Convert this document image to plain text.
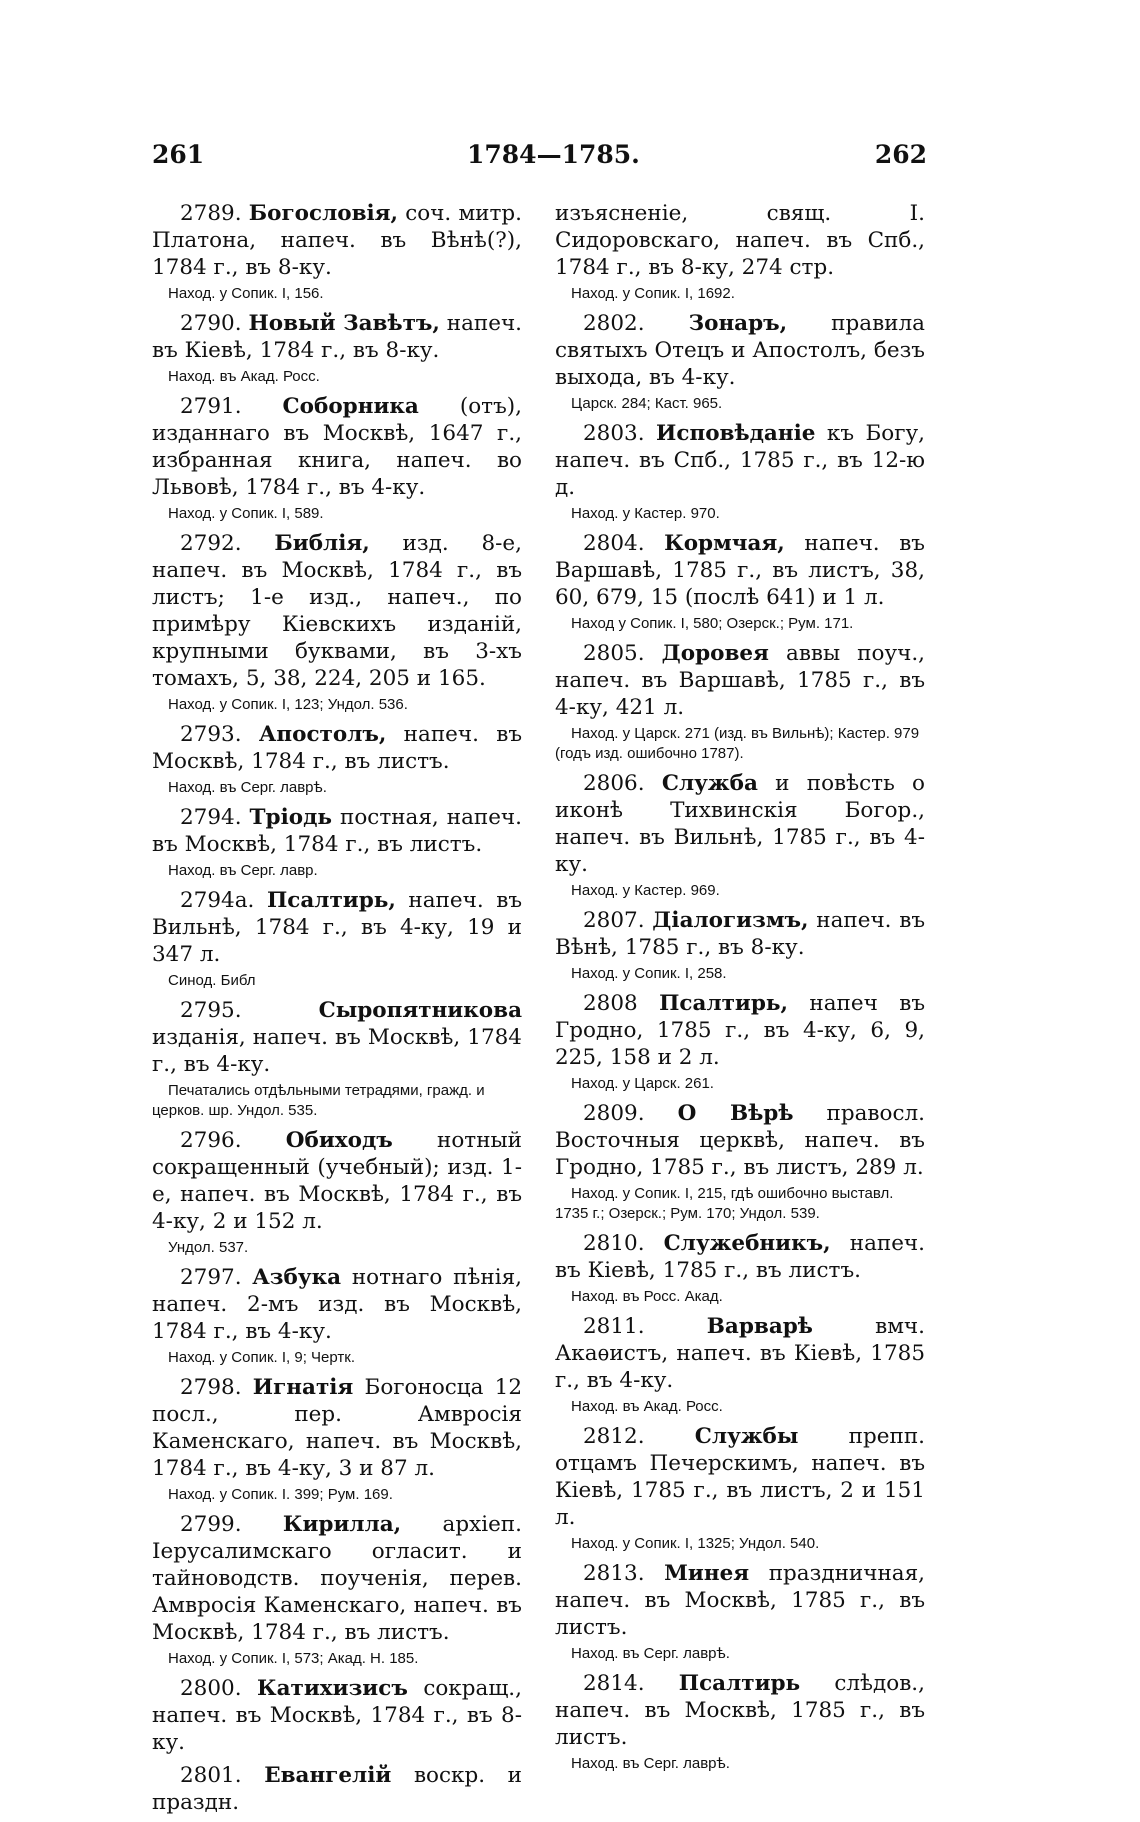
261	1784—1785.	262
2789. Богословія, соч. митр. Платона, напеч. въ Вѣнѣ(?), 1784 г., въ 8-ку.
Наход. у Сопик. I, 156.
2790. Новый Завѣтъ, напеч. въ Кіевѣ, 1784 г., въ 8-ку.
Наход. въ Акад. Росс.
2791. Соборника (отъ), изданнаго въ Москвѣ, 1647 г., избранная книга, напеч. во Львовѣ, 1784 г., въ 4-ку.
Наход. у Сопик. I, 589.
2792. Библія, изд. 8-е, напеч. въ Москвѣ, 1784 г., въ листъ; 1-е изд., напеч., по примѣру Кіевскихъ изданій, крупными буквами, въ 3-хъ томахъ, 5, 38, 224, 205 и 165.
Наход. у Сопик. I, 123; Ундол. 536.
2793. Апостолъ, напеч. въ Москвѣ, 1784 г., въ листъ.
Наход. въ Серг. лаврѣ.
2794. Тріодь постная, напеч. въ Москвѣ, 1784 г., въ листъ.
Наход. въ Серг. лавр.
2794а. Псалтирь, напеч. въ Вильнѣ, 1784 г., въ 4-ку, 19 и 347 л.
Синод. Библ
2795.	Сыропятникова изданія, напеч. въ Москвѣ, 1784 г., въ 4-ку.
Печатались отдѣльными тетрадями, гражд. и церков. шр. Ундол. 535.
2796. Обиходъ нотный сокращенный (учебный); изд. 1-е, напеч. въ Москвѣ, 1784 г., въ 4-ку, 2 и 152 л.
Ундол. 537.
2797. Азбука нотнаго пѣнія, напеч. 2-мъ изд. въ Москвѣ, 1784 г., въ 4-ку.
Наход. у Сопик. I, 9; Чертк.
2798. Игнатія Богоносца 12 посл., пер. Амвросія Каменскаго, напеч. въ Москвѣ, 1784 г., въ 4-ку, 3 и 87 л.
Наход. у Сопик. I. 399; Рум. 169.
2799. Кирилла, архіеп. Іерусалимскаго огласит. и тайноводств. поученія, перев. Амвросія Каменскаго, напеч. въ Москвѣ, 1784 г., въ листъ.
Наход. у Сопик. I, 573; Акад. Н. 185.
2800. Катихизисъ сокращ., напеч. въ Москвѣ, 1784 г., въ 8-ку.
2801. Евангелій воскр. и праздн.
изъясненіе, свящ. I. Сидоровскаго, напеч. въ Спб., 1784 г., въ 8-ку, 274 стр.
Наход. у Сопик. I, 1692.
2802. Зонаръ, правила святыхъ Отецъ и Апостолъ, безъ выхода, въ 4-ку.
Царск. 284; Каст. 965.
2803. Исповѣданіе къ Богу, напеч. въ Спб., 1785 г., въ 12-ю д.
Наход. у Кастер. 970.
2804. Кормчая, напеч. въ Варшавѣ, 1785 г., въ листъ, 38, 60, 679, 15 (послѣ 641) и 1 л.
Наход у Сопик. I, 580; Озерск.; Рум. 171.
2805. Доровея аввы поуч., напеч. въ Варшавѣ, 1785 г., въ 4-ку, 421 л.
Наход. у Царск. 271 (изд. въ Вильнѣ); Кастер. 979 (годъ изд. ошибочно 1787).
2806. Служба и повѣсть о иконѣ Тихвинскія Богор., напеч. въ Вильнѣ, 1785 г., въ 4-ку.
Наход. у Кастер. 969.
2807. Діалогизмъ, напеч. въ Вѣнѣ, 1785 г., въ 8-ку.
Наход. у Сопик. I, 258.
2808 Псалтирь, напеч въ Гродно, 1785 г., въ 4-ку, 6, 9, 225, 158 и 2 л.
Наход. у Царск. 261.
2809. О Вѣрѣ правосл. Восточныя церквѣ, напеч. въ Гродно, 1785 г., въ листъ, 289 л.
Наход. у Сопик. I, 215, гдѣ ошибочно выставл. 1735 г.; Озерск.; Рум. 170; Ундол. 539.
2810. Служебникъ, напеч. въ Кіевѣ, 1785 г., въ листъ.
Наход. въ Росс. Акад.
2811.	Варварѣ	вмч. Акаѳистъ, напеч. въ Кіевѣ, 1785 г., въ 4-ку.
Наход. въ Акад. Росс.
2812. Службы препп. отцамъ Печерскимъ, напеч. въ Кіевѣ, 1785 г., въ листъ, 2 и 151 л.
Наход. у Сопик. I, 1325; Ундол. 540.
2813. Минея праздничная, напеч. въ Москвѣ, 1785 г., въ листъ.
Наход. въ Серг. лаврѣ.
2814. Псалтирь слѣдов., напеч. въ Москвѣ, 1785 г., въ листъ.
Наход. въ Серг. лаврѣ.
